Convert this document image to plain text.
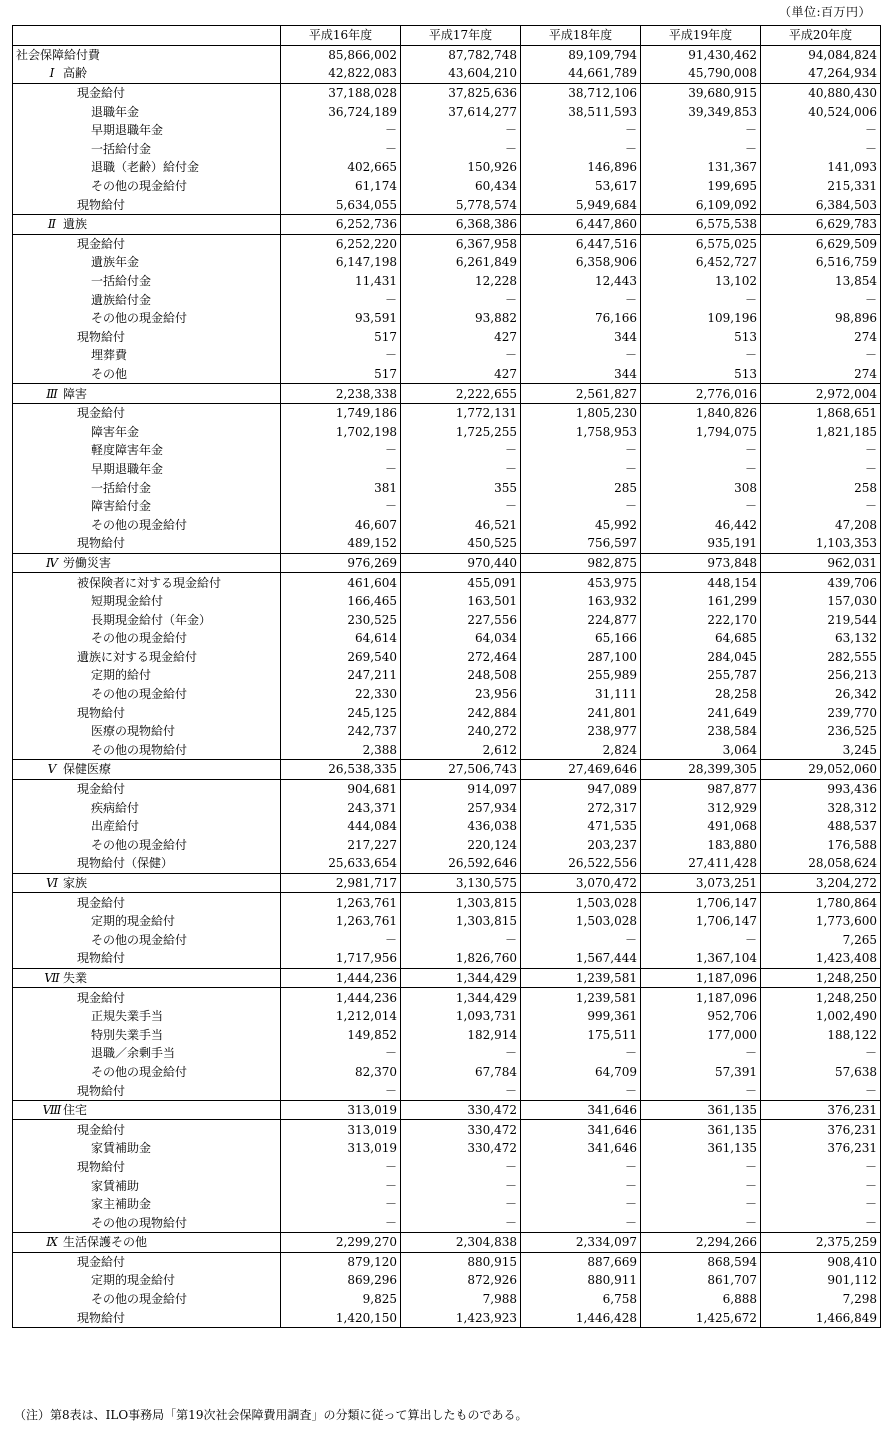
（単位:百万円）
	平成16年度	平成17年度	平成18年度	平成19年度	平成20年度
社会保障給付費	85,866,002	87,782,748	89,109,794	91,430,462	94,084,824
Ⅰ 高齢	42,822,083	43,604,210	44,661,789	45,790,008	47,264,934
現金給付	37,188,028	37,825,636	38,712,106	39,680,915	40,880,430
退職年金	36,724,189	37,614,277	38,511,593	39,349,853	40,524,006
早期退職年金	－	－	－	－	－
一括給付金	－	－	－	－	－
退職（老齢）給付金	402,665	150,926	146,896	131,367	141,093
その他の現金給付	61,174	60,434	53,617	199,695	215,331
現物給付	5,634,055	5,778,574	5,949,684	6,109,092	6,384,503
Ⅱ 遺族	6,252,736	6,368,386	6,447,860	6,575,538	6,629,783
現金給付	6,252,220	6,367,958	6,447,516	6,575,025	6,629,509
遺族年金	6,147,198	6,261,849	6,358,906	6,452,727	6,516,759
一括給付金	11,431	12,228	12,443	13,102	13,854
遺族給付金	－	－	－	－	－
その他の現金給付	93,591	93,882	76,166	109,196	98,896
現物給付	517	427	344	513	274
埋葬費	－	－	－	－	－
その他	517	427	344	513	274
Ⅲ 障害	2,238,338	2,222,655	2,561,827	2,776,016	2,972,004
現金給付	1,749,186	1,772,131	1,805,230	1,840,826	1,868,651
障害年金	1,702,198	1,725,255	1,758,953	1,794,075	1,821,185
軽度障害年金	－	－	－	－	－
早期退職年金	－	－	－	－	－
一括給付金	381	355	285	308	258
障害給付金	－	－	－	－	－
その他の現金給付	46,607	46,521	45,992	46,442	47,208
現物給付	489,152	450,525	756,597	935,191	1,103,353
Ⅳ 労働災害	976,269	970,440	982,875	973,848	962,031
被保険者に対する現金給付	461,604	455,091	453,975	448,154	439,706
短期現金給付	166,465	163,501	163,932	161,299	157,030
長期現金給付（年金）	230,525	227,556	224,877	222,170	219,544
その他の現金給付	64,614	64,034	65,166	64,685	63,132
遺族に対する現金給付	269,540	272,464	287,100	284,045	282,555
定期的給付	247,211	248,508	255,989	255,787	256,213
その他の現金給付	22,330	23,956	31,111	28,258	26,342
現物給付	245,125	242,884	241,801	241,649	239,770
医療の現物給付	242,737	240,272	238,977	238,584	236,525
その他の現物給付	2,388	2,612	2,824	3,064	3,245
Ⅴ 保健医療	26,538,335	27,506,743	27,469,646	28,399,305	29,052,060
現金給付	904,681	914,097	947,089	987,877	993,436
疾病給付	243,371	257,934	272,317	312,929	328,312
出産給付	444,084	436,038	471,535	491,068	488,537
その他の現金給付	217,227	220,124	203,237	183,880	176,588
現物給付（保健）	25,633,654	26,592,646	26,522,556	27,411,428	28,058,624
Ⅵ 家族	2,981,717	3,130,575	3,070,472	3,073,251	3,204,272
現金給付	1,263,761	1,303,815	1,503,028	1,706,147	1,780,864
定期的現金給付	1,263,761	1,303,815	1,503,028	1,706,147	1,773,600
その他の現金給付	－	－	－	－	7,265
現物給付	1,717,956	1,826,760	1,567,444	1,367,104	1,423,408
Ⅶ 失業	1,444,236	1,344,429	1,239,581	1,187,096	1,248,250
現金給付	1,444,236	1,344,429	1,239,581	1,187,096	1,248,250
正規失業手当	1,212,014	1,093,731	999,361	952,706	1,002,490
特別失業手当	149,852	182,914	175,511	177,000	188,122
退職／余剰手当	－	－	－	－	－
その他の現金給付	82,370	67,784	64,709	57,391	57,638
現物給付	－	－	－	－	－
Ⅷ 住宅	313,019	330,472	341,646	361,135	376,231
現金給付	313,019	330,472	341,646	361,135	376,231
家賃補助金	313,019	330,472	341,646	361,135	376,231
現物給付	－	－	－	－	－
家賃補助	－	－	－	－	－
家主補助金	－	－	－	－	－
その他の現物給付	－	－	－	－	－
Ⅸ 生活保護その他	2,299,270	2,304,838	2,334,097	2,294,266	2,375,259
現金給付	879,120	880,915	887,669	868,594	908,410
定期的現金給付	869,296	872,926	880,911	861,707	901,112
その他の現金給付	9,825	7,988	6,758	6,888	7,298
現物給付	1,420,150	1,423,923	1,446,428	1,425,672	1,466,849
（注）第8表は、ILO事務局「第19次社会保障費用調査」の分類に従って算出したものである。
